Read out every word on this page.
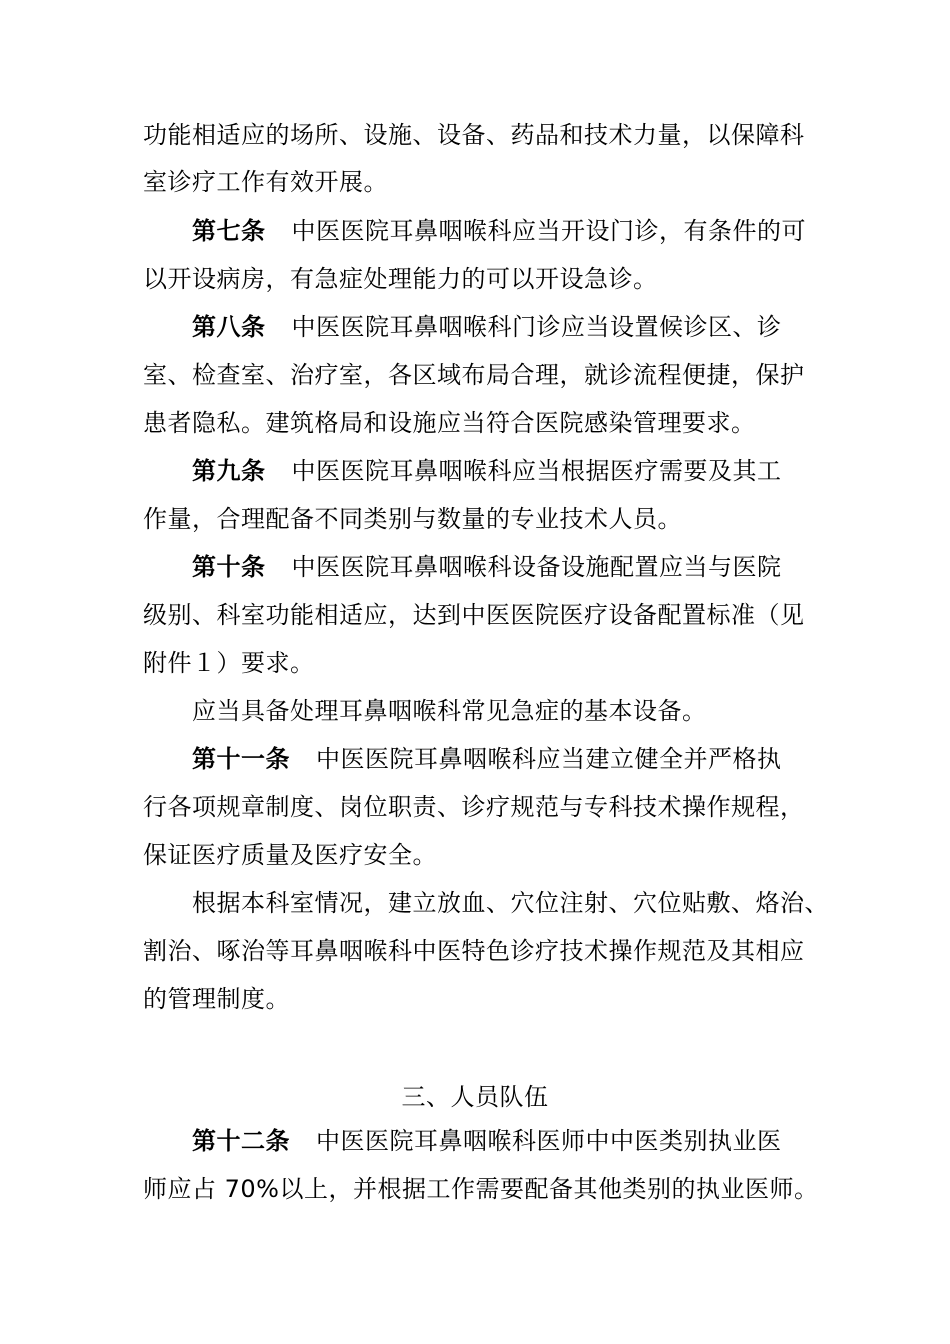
功能相适应的场所、设施、设备、药品和技术力量，以保障科
室诊疗工作有效开展。
第七条 中医医院耳鼻咽喉科应当开设门诊，有条件的可
以开设病房，有急症处理能力的可以开设急诊。
第八条 中医医院耳鼻咽喉科门诊应当设置候诊区、诊
室、检查室、治疗室，各区域布局合理，就诊流程便捷，保护
患者隐私。建筑格局和设施应当符合医院感染管理要求。
第九条 中医医院耳鼻咽喉科应当根据医疗需要及其工
作量，合理配备不同类别与数量的专业技术人员。
第十条 中医医院耳鼻咽喉科设备设施配置应当与医院
级别、科室功能相适应，达到中医医院医疗设备配置标准（见
附件１）要求。
应当具备处理耳鼻咽喉科常见急症的基本设备。
第十一条 中医医院耳鼻咽喉科应当建立健全并严格执
行各项规章制度、岗位职责、诊疗规范与专科技术操作规程，
保证医疗质量及医疗安全。
根据本科室情况，建立放血、穴位注射、穴位贴敷、烙治、
割治、啄治等耳鼻咽喉科中医特色诊疗技术操作规范及其相应
的管理制度。
三、人员队伍
第十二条 中医医院耳鼻咽喉科医师中中医类别执业医
师应占 70%以上，并根据工作需要配备其他类别的执业医师。
